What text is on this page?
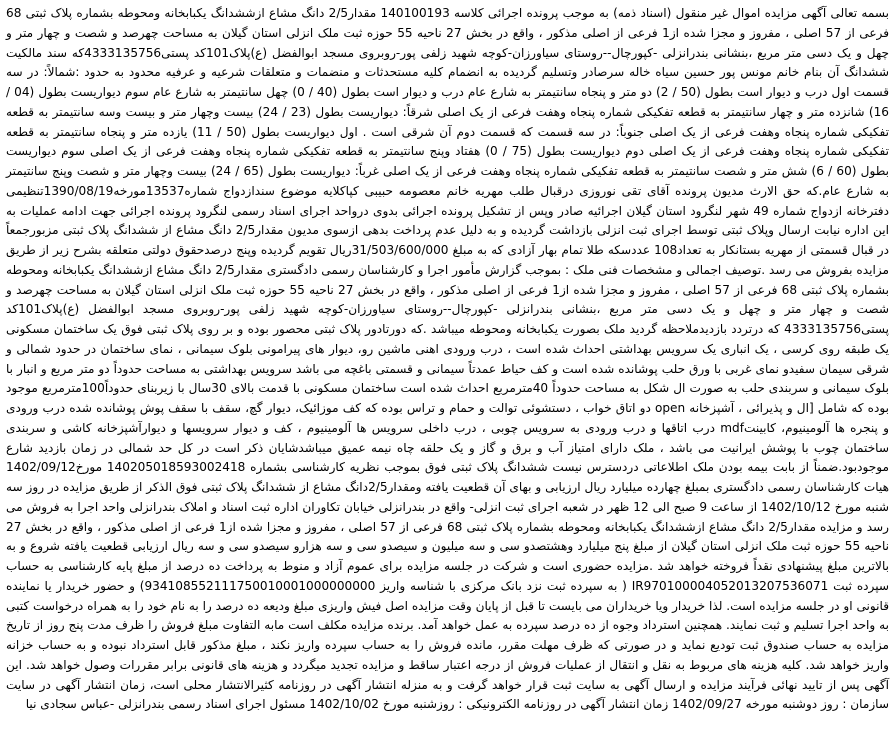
بسمه تعالی آگهی مزایده اموال غیر منقول (اسناد ذمه) به موجب پرونده اجرائی کلاسه 140100193 مقدار2/5 دانگ مشاع ازششدانگ یکبابخانه ومحوطه بشماره پلاک ثبتی 68 فرعی از 57 اصلی ، مفروز و مجزا شده از1 فرعی از اصلی مذکور ، واقع در بخش 27 ناحیه 55 حوزه ثبت ملک انزلی استان گیلان به مساحت چهرصد و شصت و چهار متر و چهل و یک دسی متر مربع ،بنشانی بندرانزلی -کپورچال--روستای سیاورزان-کوچه شهید زلفی پور-روبروی مسجد ابوالفضل (ع)پلاک101کد پستی4333135756که سند مالکیت ششدانگ آن بنام خانم مونس پور حسین سیاه خاله سرصادر وتسلیم گردیده به انضمام کلیه مستحدثات و منضمات و متعلقات شرعیه و عرفیه محدود به حدود :شمالاً: در سه قسمت اول درب و دیوار است بطول (50 / 2) دو متر و پنجاه سانتیمتر به شارع عام درب و دیوار است بطول (40 / 0) چهل سانتیمتر به شارع عام سوم دیواریست بطول (04 / 16) شانزده متر و چهار سانتیمتر به قطعه تفکیکی شماره پنجاه وهفت فرعی از یک اصلی شرقاً: دیواریست بطول (23 / 24) بیست وچهار متر و بیست وسه سانتیمتر به قطعه تفکیکی شماره پنجاه وهفت فرعی از یک اصلی جنوباً: در سه قسمت که قسمت دوم آن شرقی است . اول دیواریست بطول (50 / 11) یازده متر و پنجاه سانتیمتر به قطعه تفکیکی شماره پنجاه وهفت فرعی از یک اصلی دوم دیواریست بطول (75 / 0) هفتاد وپنج سانتیمتر به قطعه تفکیکی شماره پنجاه وهفت فرعی از یک اصلی سوم دیواریست بطول (60 / 6) شش متر و شصت سانتیمتر به قطعه تفکیکی شماره پنجاه وهفت فرعی از یک اصلی غرباً: دیواریست بطول (65 / 24) بیست وچهار متر و شصت وپنج سانتیمتر به شارع عام.که حق الارث مدیون پرونده آقای تقی نوروزی درقبال طلب مهریه خانم معصومه حبیبی کپاکلایه موضوع سندازدواج شماره13537مورخه1390/08/19تنظیمی دفترخانه ازدواج شماره 49 شهر لنگرود استان گیلان اجرائیه صادر وپس از تشکیل پرونده اجرائی بدوی درواحد اجرای اسناد رسمی لنگرود پرونده اجرائی جهت ادامه عملیات به این اداره نیابت ارسال وپلاک ثبتی توسط اجرای ثبت انزلی بازداشت گردیده و به دلیل عدم پرداخت بدهی ازسوی مدیون مقدار2/5 دانگ مشاع از ششدانگ پلاک ثبتی مزبورجمعاً در قبال قسمتی از مهریه بستانکار به تعداد108 عددسکه طلا تمام بهار آزادی که به مبلغ 31/503/600/000ریال تقویم گردیده وپنج درصدحقوق دولتی متعلقه بشرح زیر از طریق مزایده بفروش می رسد .توصیف اجمالی و مشخصات فنی ملک : بموجب گزارش مأمور اجرا و کارشناسان رسمی دادگستری مقدار2/5 دانگ مشاع ازششدانگ یکبابخانه ومحوطه بشماره پلاک ثبتی 68 فرعی از 57 اصلی ، مفروز و مجزا شده از1 فرعی از اصلی مذکور ، واقع در بخش 27 ناحیه 55 حوزه ثبت ملک انزلی استان گیلان به مساحت چهرصد و شصت و چهار متر و چهل و یک دسی متر مربع ،بنشانی بندرانزلی -کپورچال--روستای سیاورزان-کوچه شهید زلفی پور-روبروی مسجد ابوالفضل (ع)پلاک101کد پستی4333135756 که درتردد بازدیدملاحظه گردید ملک بصورت یکبابخانه ومحوطه میباشد .که دورتادور پلاک ثبتی محصور بوده و بر روی پلاک ثبتی فوق یک ساختمان مسکونی یک طبقه روی کرسی ، یک انباری یک سرویس بهداشتی احداث شده است ، درب ورودی اهنی ماشین رو، دیوار های پیرامونی بلوک سیمانی ، نمای ساختمان در حدود شمالی و شرقی سیمان سفیدو نمای غربی با ورق حلب پوشانده شده است و کف حیاط عمدتاً سیمانی و قسمتی باغچه می باشد سرویس بهداشتی به مساحت حدوداً دو متر مربع و انبار با بلوک سیمانی و سربندی حلب به صورت ال شکل به مساحت حدوداً 40مترمربع احداث شده است ساختمان مسکونی با قدمت بالای 30سال با زیربنای حدوداً100مترمربع موجود بوده که شامل [ال و پذیرائی ، آشپزخانه open دو اتاق خواب ، دستشوئی توالت و حمام و تراس بوده که کف موزائیک، دیوار گچ، سقف با سقف پوش پوشانده شده درب ورودی و پنجره ها آلومینیوم، کابینتmdf درب اتاقها و درب ورودی به سرویس چوبی ، درب داخلی سرویس ها آلومینیوم ، کف و دیوار سرویسها و دیوارآشپزخانه کاشی و سربندی ساختمان چوب با پوشش ایرانیت می باشد ، ملک دارای امتیاز آب و برق و گاز و یک حلقه چاه نیمه عمیق میباشدشایان ذکر است در کل حد شمالی در زمان بازدید شارع موجودبود.ضمناً از بابت بیمه بودن ملک اطلاعاتی دردسترس نیست ششدانگ پلاک ثبتی فوق بموجب نظریه کارشناسی بشماره 140205018593002418 مورخ1402/09/12 هیات کارشناسان رسمی دادگستری بمبلغ چهارده میلیارد ریال ارزیابی و بهای آن قطعیت یافته ومقدار2/5دانگ مشاع از ششدانگ پلاک ثبتی فوق الذکر از طریق مزایده در روز سه شنبه مورخ 1402/10/12 از ساعت 9 صبح الی 12 ظهر در شعبه اجرای ثبت انزلی- واقع در بندرانزلی خیابان تکاوران اداره ثبت اسناد و املاک بندرانزلی واحد اجرا به فروش می رسد و مزایده مقدار2/5 دانگ مشاع ازششدانگ یکبابخانه ومحوطه بشماره پلاک ثبتی 68 فرعی از 57 اصلی ، مفروز و مجزا شده از1 فرعی از اصلی مذکور ، واقع در بخش 27 ناحیه 55 حوزه ثبت ملک انزلی استان گیلان از مبلغ پنج میلیارد وهشتصدو سی و سه میلیون و سیصدو سی و سه هزارو سیصدو سی و سه ریال ارزیابی قطعیت یافته شروع و به بالاترین مبلغ پیشنهادی نقداً فروخته خواهد شد .مزایده حضوری است و شرکت در جلسه مزایده برای عموم آزاد و منوط به پرداخت ده درصد از مبلغ پایه کارشناسی به حساب سپرده ثبت IR970100004052013207536071 ( به سپرده ثبت نزد بانک مرکزی با شناسه واریز 934108552111750010001000000000) و حضور خریدار یا نماینده قانونی او در جلسه مزایده است. لذا خریدار ویا خریداران می بایست تا قبل از پایان وقت مزایده اصل فیش واریزی مبلغ ودیعه ده درصد را به نام خود را به همراه درخواست کتبی به واحد اجرا تسلیم و ثبت نمایند. همچنین استرداد وجوه از ده درصد سپرده به عمل خواهد آمد. برنده مزایده مکلف است مابه التفاوت مبلغ فروش را ظرف مدت پنج روز از تاریخ مزایده به حساب صندوق ثبت تودیع نماید و در صورتی که ظرف مهلت مقرر، مانده فروش را به حساب سپرده واریز نکند ، مبلغ مذکور قابل استرداد نبوده و به حساب خزانه واریز خواهد شد. کلیه هزینه های مربوط به نقل و انتقال از عملیات فروش از درجه اعتبار ساقط و مزایده تجدید میگردد و هزینه های قانونی برابر مقررات وصول خواهد شد. این آگهی پس از تایید نهائی فرآیند مزایده و ارسال آگهی به سایت ثبت قرار خواهد گرفت و به منزله انتشار آگهی در روزنامه کثیرالانتشار محلی است، زمان انتشار آگهی در سایت سازمان : روز دوشنبه مورخه 1402/09/27 زمان انتشار آگهی در روزنامه الکترونیکی : روزشنبه مورخ 1402/10/02 مسئول اجرای اسناد رسمی بندرانزلی -عباس سجادی نیا
